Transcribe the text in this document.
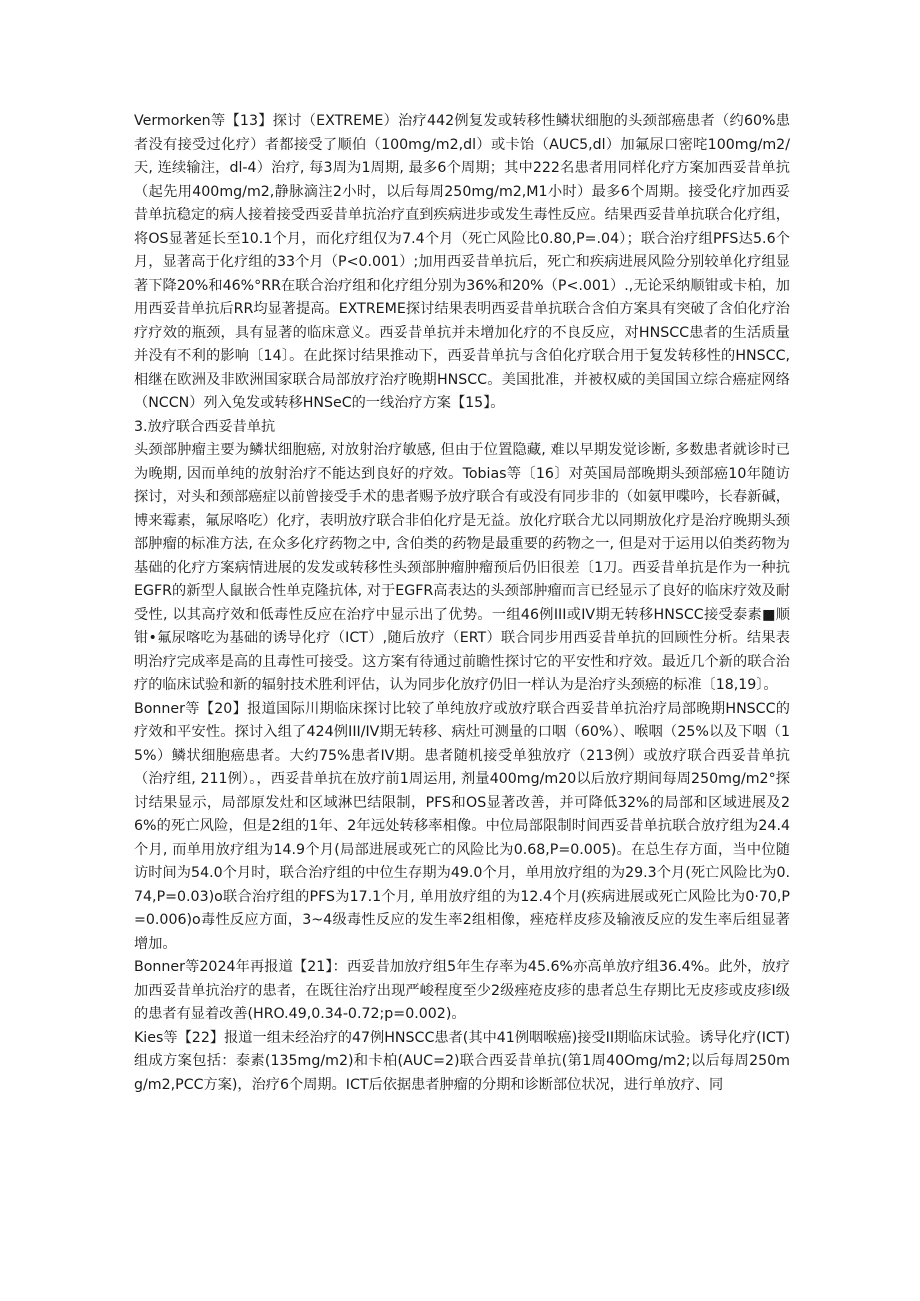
Vermorken等【13】探讨（EXTREME）治疗442例复发或转移性鳞状细胞的头颈部癌患者（约60%患者没有接受过化疗）者都接受了顺伯（100mg/m2,dl）或卡饴（AUC5,dl）加氟尿口密咤100mg/m2/天, 连续输注，dl-4）治疗, 每3周为1周期, 最多6个周期；其中222名患者用同样化疗方案加西妥昔单抗（起先用400mg/m2,静脉滴注2小时，以后每周250mg/m2,M1小时）最多6个周期。接受化疗加西妥昔单抗稳定的病人接着接受西妥昔单抗治疗直到疾病进步或发生毒性反应。结果西妥昔单抗联合化疗组，将OS显著延长至10.1个月，而化疗组仅为7.4个月（死亡风险比0.80,P=.04）；联合治疗组PFS达5.6个月，显著高于化疗组的33个月（P<0.001）;加用西妥昔单抗后，死亡和疾病进展风险分别较单化疗组显著下降20%和46%°RR在联合治疗组和化疗组分别为36%和20%（P<.001）.,无论采纳顺钳或卡柏，加用西妥昔单抗后RR均显著提高。EXTREME探讨结果表明西妥昔单抗联合含伯方案具有突破了含伯化疗治疗疗效的瓶颈，具有显著的临床意义。西妥昔单抗并未增加化疗的不良反应，对HNSCC患者的生活质量并没有不利的影响〔14〕。在此探讨结果推动下，西妥昔单抗与含伯化疗联合用于复发转移性的HNSCC, 相继在欧洲及非欧洲国家联合局部放疗治疗晚期HNSCC。美国批准，并被权威的美国国立综合癌症网络（NCCN）列入兔发或转移HNSeC的一线治疗方案【15】。

3.放疗联合西妥昔单抗

头颈部肿瘤主要为鳞状细胞癌, 对放射治疗敏感, 但由于位置隐藏, 难以早期发觉诊断, 多数患者就诊时已为晚期, 因而单纯的放射治疗不能达到良好的疗效。Tobias等〔16〕对英国局部晚期头颈部癌10年随访探讨，对头和颈部癌症以前曾接受手术的患者赐予放疗联合有或没有同步非的（如氨甲喋吟，长春新碱，博来霉素，氟尿咯吃）化疗，表明放疗联合非伯化疗是无益。放化疗联合尤以同期放化疗是治疗晚期头颈部肿瘤的标准方法, 在众多化疗药物之中, 含伯类的药物是最重要的药物之一, 但是对于运用以伯类药物为基础的化疗方案病情进展的发发或转移性头颈部肿瘤肿瘤预后仍旧很差〔1刀。西妥昔单抗是作为一种抗EGFR的新型人鼠嵌合性单克隆抗体, 对于EGFR高表达的头颈部肿瘤而言已经显示了良好的临床疗效及耐受性, 以其高疗效和低毒性反应在治疗中显示出了优势。一组46例III或IV期无转移HNSCC接受泰素■顺钳•氟尿喀吃为基础的诱导化疗（ICT）,随后放疗（ERT）联合同步用西妥昔单抗的回顾性分析。结果表明治疗完成率是高的且毒性可接受。这方案有待通过前瞻性探讨它的平安性和疗效。最近几个新的联合治疗的临床试验和新的辐射技术胜利评估，认为同步化放疗仍旧一样认为是治疗头颈癌的标准〔18,19〕。

Bonner等【20】报道国际川期临床探讨比较了单纯放疗或放疗联合西妥昔单抗治疗局部晚期HNSCC的疗效和平安性。探讨入组了424例III/IV期无转移、病灶可测量的口咽（60%）、喉咽（25%以及下咽（15%）鳞状细胞癌患者。大约75%患者IV期。患者随机接受单独放疗（213例）或放疗联合西妥昔单抗（治疗组, 211例）。，西妥昔单抗在放疗前1周运用, 剂量400mg/m20以后放疗期间每周250mg/m2°探讨结果显示，局部原发灶和区域淋巴结限制，PFS和OS显著改善，并可降低32%的局部和区域进展及26%的死亡风险，但是2组的1年、2年远处转移率相像。中位局部限制时间西妥昔单抗联合放疗组为24.4个月, 而单用放疗组为14.9个月(局部进展或死亡的风险比为0.68,P=0.005)。在总生存方面，当中位随访时间为54.0个月时，联合治疗组的中位生存期为49.0个月，单用放疗组的为29.3个月(死亡风险比为0.74,P=0.03)o联合治疗组的PFS为17.1个月, 单用放疗组的为12.4个月(疾病进展或死亡风险比为0·70,P=0.006)o毒性反应方面，3~4级毒性反应的发生率2组相像，痤疮样皮疹及输液反应的发生率后组显著增加。

Bonner等2024年再报道【21】：西妥昔加放疗组5年生存率为45.6%亦高单放疗组36.4%。此外，放疗加西妥昔单抗治疗的患者，在既往治疗出现严峻程度至少2级痤疮皮疹的患者总生存期比无皮疹或皮疹I级的患者有显着改善(HRO.49,0.34-0.72;p=0.002)。

Kies等【22】报道一组未经治疗的47例HNSCC患者(其中41例咽喉癌)接受II期临床试验。诱导化疗(ICT)组成方案包括：泰素(135mg/m2)和卡柏(AUC=2)联合西妥昔单抗(第1周40Omg/m2;以后每周250mg/m2,PCC方案)，治疗6个周期。ICT后依据患者肿瘤的分期和诊断部位状况，进行单放疗、同
